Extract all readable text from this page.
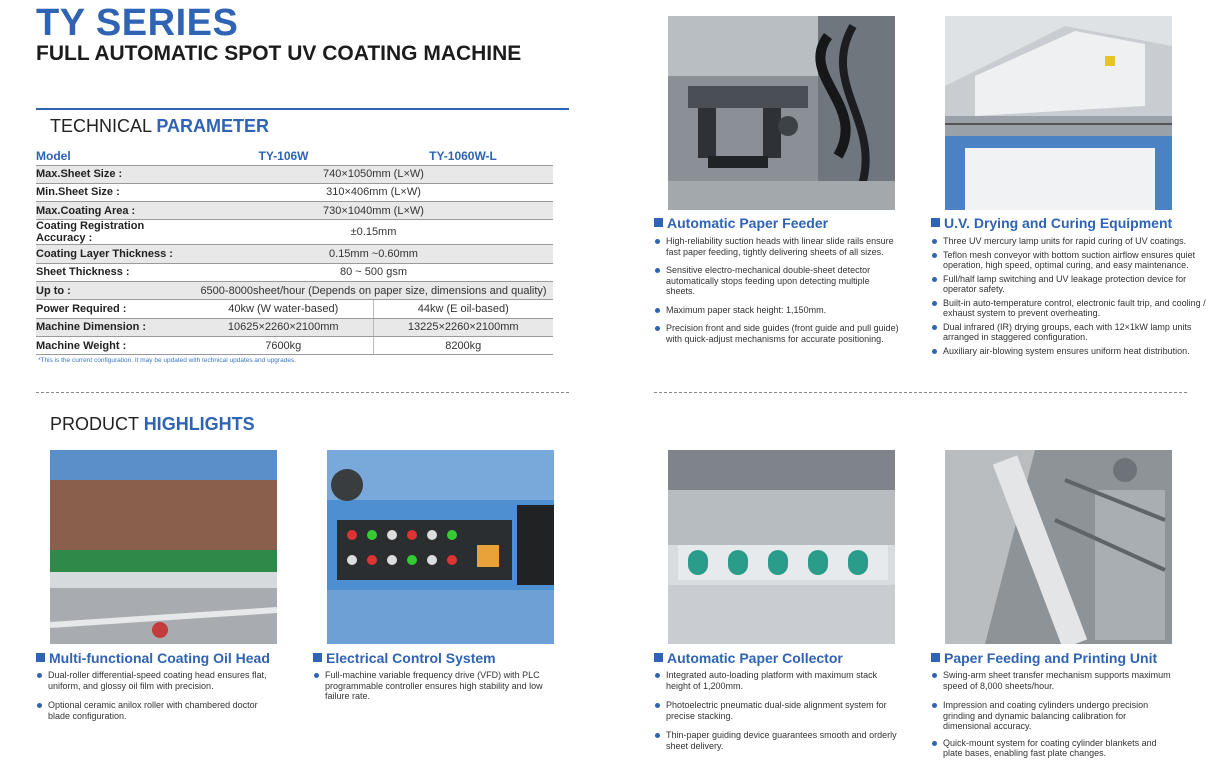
TY SERIES
FULL AUTOMATIC SPOT UV COATING MACHINE
TECHNICAL PARAMETER
Model	TY-106W	TY-1060W-L
Max.Sheet Size :	740×1050mm (L×W)	
Min.Sheet Size :	310×406mm (L×W)	
Max.Coating Area :	730×1040mm (L×W)	
Coating Registration Accuracy :	±0.15mm	
Coating Layer Thickness :	0.15mm ~0.60mm	
Sheet Thickness :	80 ~ 500 gsm	
Up to :	6500-8000sheet/hour (Depends on paper size, dimensions and quality)	
Power Required :	40kw (W water-based)	44kw (E oil-based)
Machine Dimension :	10625×2260×2100mm	13225×2260×2100mm
Machine Weight :	7600kg	8200kg
*This is the current configuration. It may be updated with technical updates and upgrades.
PRODUCT HIGHLIGHTS
Automatic Paper Feeder
High-reliability suction heads with linear slide rails ensure fast paper feeding, tightly delivering sheets of all sizes.
Sensitive electro-mechanical double-sheet detector automatically stops feeding upon detecting multiple sheets.
Maximum paper stack height: 1,150mm.
Precision front and side guides (front guide and pull guide) with quick-adjust mechanisms for accurate positioning.
U.V. Drying and Curing Equipment
Three UV mercury lamp units for rapid curing of UV coatings.
Teflon mesh conveyor with bottom suction airflow ensures quiet operation, high speed, optimal curing, and easy maintenance.
Full/half lamp switching and UV leakage protection device for operator safety.
Built-in auto-temperature control, electronic fault trip, and cooling / exhaust system to prevent overheating.
Dual infrared (IR) drying groups, each with 12×1kW lamp units arranged in staggered configuration.
Auxiliary air-blowing system ensures uniform heat distribution.
Multi-functional Coating Oil Head
Dual-roller differential-speed coating head ensures flat, uniform, and glossy oil film with precision.
Optional ceramic anilox roller with chambered doctor blade configuration.
Electrical Control System
Full-machine variable frequency drive (VFD) with PLC programmable controller ensures high stability and low failure rate.
Automatic Paper Collector
Integrated auto-loading platform with maximum stack height of 1,200mm.
Photoelectric pneumatic dual-side alignment system for precise stacking.
Thin-paper guiding device guarantees smooth and orderly sheet delivery.
Paper Feeding and Printing Unit
Swing-arm sheet transfer mechanism supports maximum speed of 8,000 sheets/hour.
Impression and coating cylinders undergo precision grinding and dynamic balancing calibration for dimensional accuracy.
Quick-mount system for coating cylinder blankets and plate bases, enabling fast plate changes.
